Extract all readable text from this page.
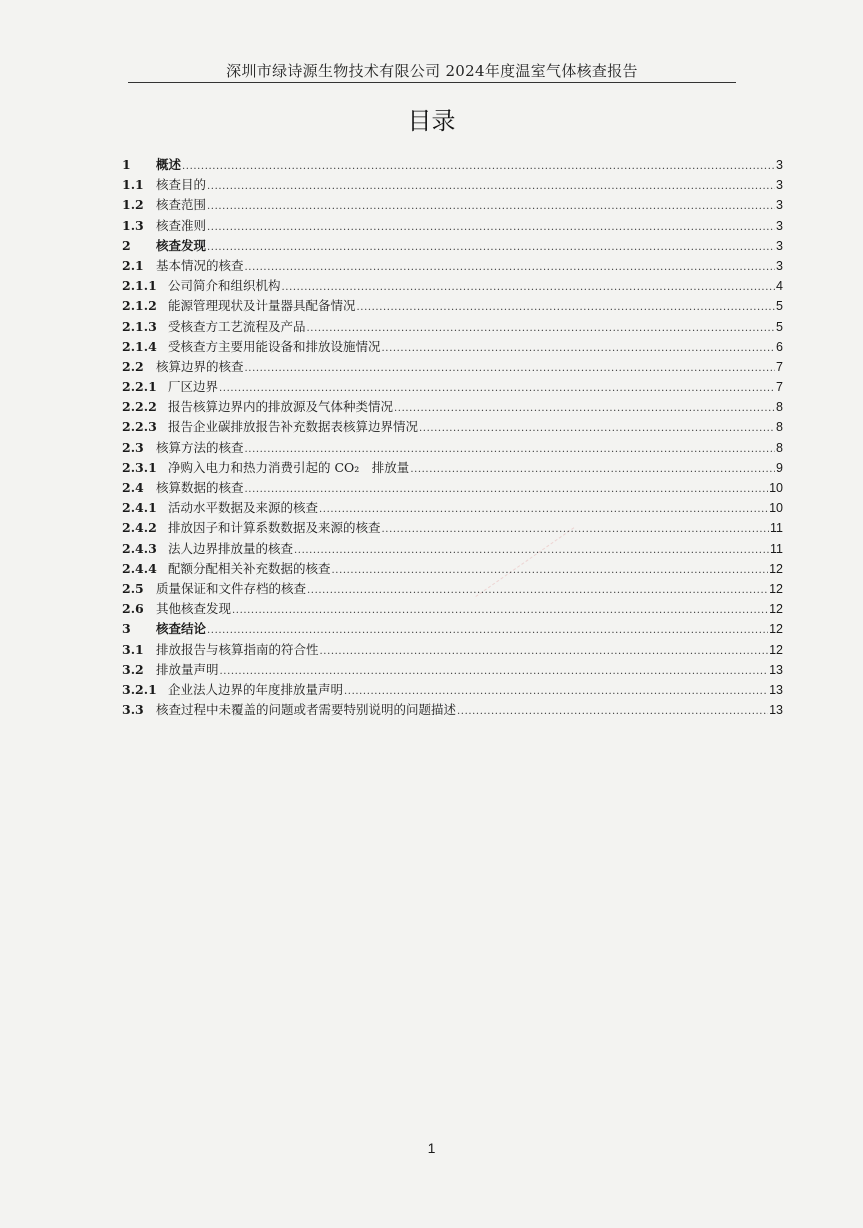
深圳市绿诗源生物技术有限公司 2024年度温室气体核查报告
目录
1	概述 .....	3
1.1 核查目的 .....	3
1.2 核查范围 .....	3
1.3 核查准则 .....	3
2	核查发现 .....	3
2.1 基本情况的核查 .....	3
2.1.1 公司简介和组织机构 .....	4
2.1.2 能源管理现状及计量器具配备情况 .....	5
2.1.3 受核查方工艺流程及产品 .....	5
2.1.4 受核查方主要用能设备和排放设施情况 .....	6
2.2 核算边界的核查 .....	7
2.2.1 厂区边界 .....	7
2.2.2 报告核算边界内的排放源及气体种类情况 .....	8
2.2.3 报告企业碳排放报告补充数据表核算边界情况 .....	8
2.3 核算方法的核查 .....	8
2.3.1 净购入电力和热力消费引起的 CO₂　排放量 .....	9
2.4 核算数据的核查 .....	10
2.4.1 活动水平数据及来源的核查 .....	10
2.4.2 排放因子和计算系数数据及来源的核查 .....	11
2.4.3 法人边界排放量的核查 .....	11
2.4.4 配额分配相关补充数据的核查 .....	12
2.5 质量保证和文件存档的核查 .....	12
2.6 其他核查发现 .....	12
3	核查结论 .....	12
3.1 排放报告与核算指南的符合性 .....	12
3.2 排放量声明 .....	13
3.2.1 企业法人边界的年度排放量声明 .....	13
3.3 核查过程中未覆盖的问题或者需要特别说明的问题描述 .....	13
1
